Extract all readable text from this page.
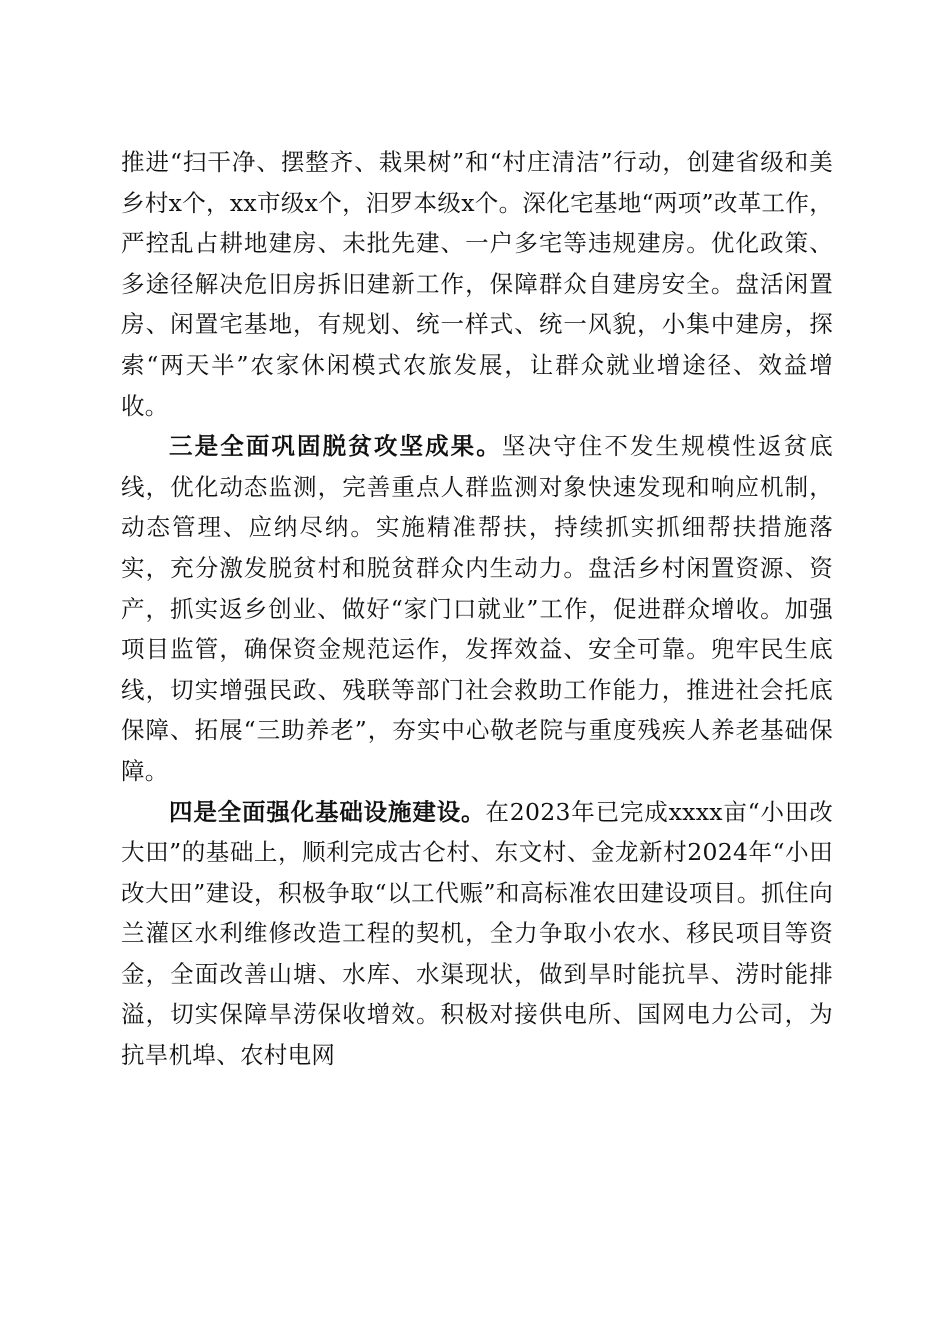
推进“扫干净、摆整齐、栽果树”和“村庄清洁”行动，创建省级和美乡村x个，xx市级x个，汨罗本级x个。深化宅基地“两项”改革工作，严控乱占耕地建房、未批先建、一户多宅等违规建房。优化政策、多途径解决危旧房拆旧建新工作，保障群众自建房安全。盘活闲置房、闲置宅基地，有规划、统一样式、统一风貌，小集中建房，探索“两天半”农家休闲模式农旅发展，让群众就业增途径、效益增收。

三是全面巩固脱贫攻坚成果。坚决守住不发生规模性返贫底线，优化动态监测，完善重点人群监测对象快速发现和响应机制，动态管理、应纳尽纳。实施精准帮扶，持续抓实抓细帮扶措施落实，充分激发脱贫村和脱贫群众内生动力。盘活乡村闲置资源、资产，抓实返乡创业、做好“家门口就业”工作，促进群众增收。加强项目监管，确保资金规范运作，发挥效益、安全可靠。兜牢民生底线，切实增强民政、残联等部门社会救助工作能力，推进社会托底保障、拓展“三助养老”，夯实中心敬老院与重度残疾人养老基础保障。

四是全面强化基础设施建设。在2023年已完成xxxx亩“小田改大田”的基础上，顺利完成古仑村、东文村、金龙新村2024年“小田改大田”建设，积极争取“以工代赈”和高标准农田建设项目。抓住向兰灌区水利维修改造工程的契机，全力争取小农水、移民项目等资金，全面改善山塘、水库、水渠现状，做到旱时能抗旱、涝时能排溢，切实保障旱涝保收增效。积极对接供电所、国网电力公司，为抗旱机埠、农村电网
